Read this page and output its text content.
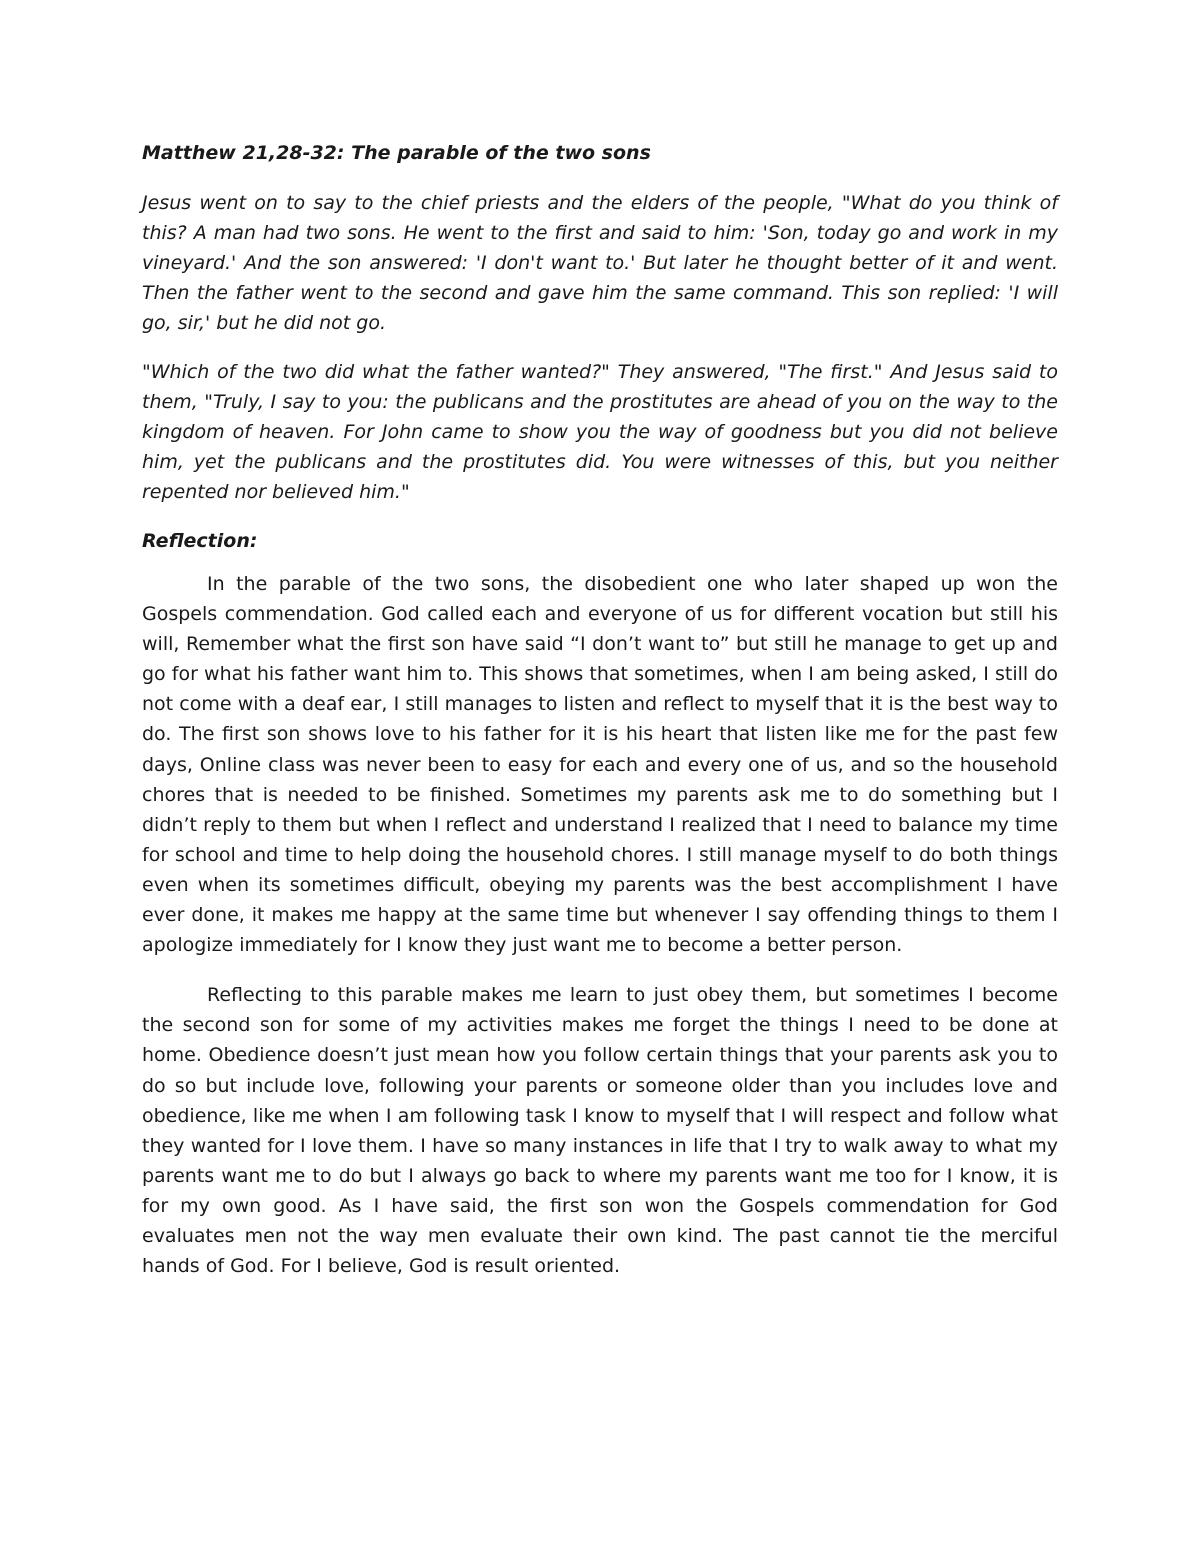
Matthew 21,28-32: The parable of the two sons

Jesus went on to say to the chief priests and the elders of the people, "What do you think of this? A man had two sons. He went to the first and said to him: 'Son, today go and work in my vineyard.' And the son answered: 'I don't want to.' But later he thought better of it and went. Then the father went to the second and gave him the same command. This son replied: 'I will go, sir,' but he did not go.

"Which of the two did what the father wanted?" They answered, "The first." And Jesus said to them, "Truly, I say to you: the publicans and the prostitutes are ahead of you on the way to the kingdom of heaven. For John came to show you the way of goodness but you did not believe him, yet the publicans and the prostitutes did. You were witnesses of this, but you neither repented nor believed him."

Reflection:

In the parable of the two sons, the disobedient one who later shaped up won the Gospels commendation. God called each and everyone of us for different vocation but still his will, Remember what the first son have said “I don’t want to” but still he manage to get up and go for what his father want him to. This shows that sometimes, when I am being asked, I still do not come with a deaf ear, I still manages to listen and reflect to myself that it is the best way to do. The first son shows love to his father for it is his heart that listen like me for the past few days, Online class was never been to easy for each and every one of us, and so the household chores that is needed to be finished. Sometimes my parents ask me to do something but I didn’t reply to them but when I reflect and understand I realized that I need to balance my time for school and time to help doing the household chores. I still manage myself to do both things even when its sometimes difficult, obeying my parents was the best accomplishment I have ever done, it makes me happy at the same time but whenever I say offending things to them I apologize immediately for I know they just want me to become a better person.

Reflecting to this parable makes me learn to just obey them, but sometimes I become the second son for some of my activities makes me forget the things I need to be done at home. Obedience doesn’t just mean how you follow certain things that your parents ask you to do so but include love, following your parents or someone older than you includes love and obedience, like me when I am following task I know to myself that I will respect and follow what they wanted for I love them. I have so many instances in life that I try to walk away to what my parents want me to do but I always go back to where my parents want me too for I know, it is for my own good. As I have said, the first son won the Gospels commendation for God evaluates men not the way men evaluate their own kind. The past cannot tie the merciful hands of God. For I believe, God is result oriented.
